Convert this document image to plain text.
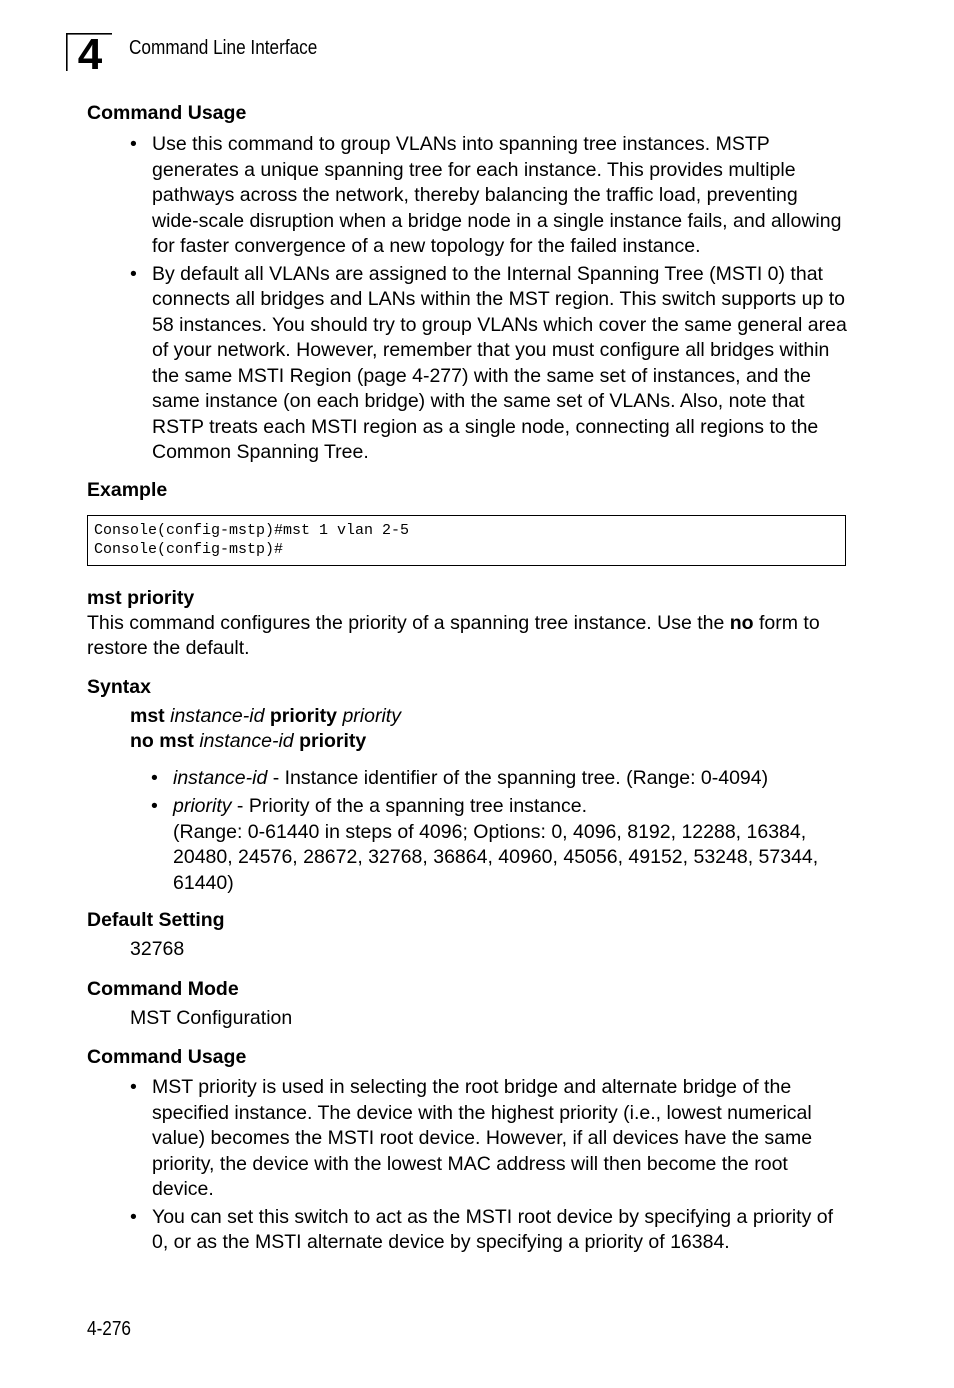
4 Command Line Interface
Command Usage
• Use this command to group VLANs into spanning tree instances. MSTP generates a unique spanning tree for each instance. This provides multiple pathways across the network, thereby balancing the traffic load, preventing wide-scale disruption when a bridge node in a single instance fails, and allowing for faster convergence of a new topology for the failed instance.
• By default all VLANs are assigned to the Internal Spanning Tree (MSTI 0) that connects all bridges and LANs within the MST region. This switch supports up to 58 instances. You should try to group VLANs which cover the same general area of your network. However, remember that you must configure all bridges within the same MSTI Region (page 4-277) with the same set of instances, and the same instance (on each bridge) with the same set of VLANs. Also, note that RSTP treats each MSTI region as a single node, connecting all regions to the Common Spanning Tree.
Example
Console(config-mstp)#mst 1 vlan 2-5
Console(config-mstp)#
mst priority
This command configures the priority of a spanning tree instance. Use the no form to restore the default.
Syntax
mst instance-id priority priority
no mst instance-id priority
• instance-id - Instance identifier of the spanning tree. (Range: 0-4094)
• priority - Priority of the a spanning tree instance.
(Range: 0-61440 in steps of 4096; Options: 0, 4096, 8192, 12288, 16384, 20480, 24576, 28672, 32768, 36864, 40960, 45056, 49152, 53248, 57344, 61440)
Default Setting
32768
Command Mode
MST Configuration
Command Usage
• MST priority is used in selecting the root bridge and alternate bridge of the specified instance. The device with the highest priority (i.e., lowest numerical value) becomes the MSTI root device. However, if all devices have the same priority, the device with the lowest MAC address will then become the root device.
• You can set this switch to act as the MSTI root device by specifying a priority of 0, or as the MSTI alternate device by specifying a priority of 16384.
4-276
